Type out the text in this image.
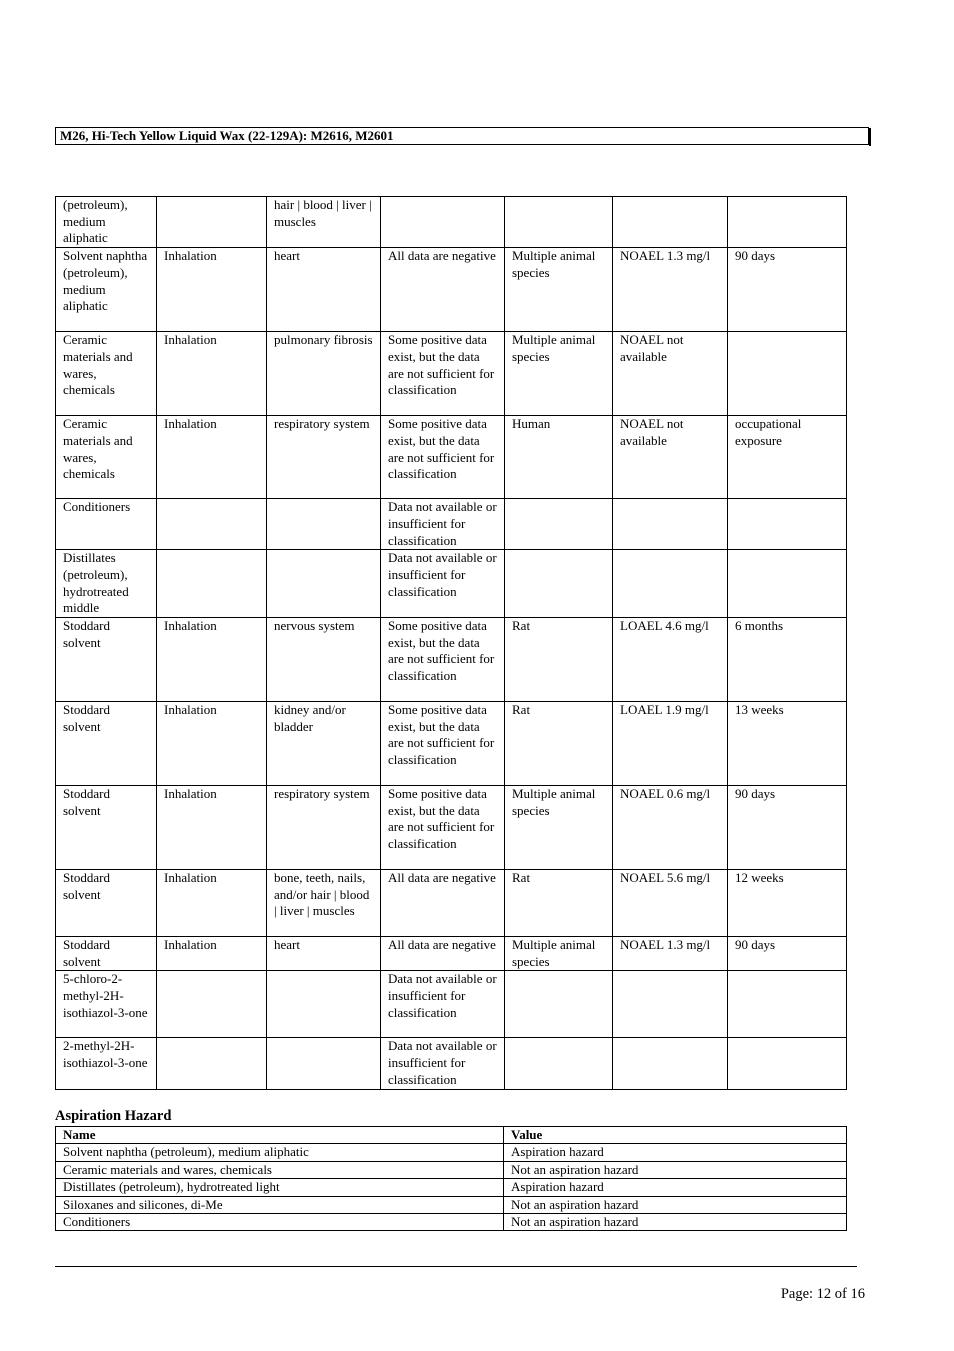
M26, Hi-Tech Yellow Liquid Wax (22-129A): M2616, M2601
(petroleum), medium aliphatic		hair | blood | liver | muscles				
Solvent naphtha (petroleum), medium aliphatic	Inhalation	heart	All data are negative	Multiple animal species	NOAEL 1.3 mg/l	90 days
Ceramic materials and wares, chemicals	Inhalation	pulmonary fibrosis	Some positive data exist, but the data are not sufficient for classification	Multiple animal species	NOAEL not available	
Ceramic materials and wares, chemicals	Inhalation	respiratory system	Some positive data exist, but the data are not sufficient for classification	Human	NOAEL not available	occupational exposure
Conditioners			Data not available or insufficient for classification			
Distillates (petroleum), hydrotreated middle			Data not available or insufficient for classification			
Stoddard solvent	Inhalation	nervous system	Some positive data exist, but the data are not sufficient for classification	Rat	LOAEL 4.6 mg/l	6 months
Stoddard solvent	Inhalation	kidney and/or bladder	Some positive data exist, but the data are not sufficient for classification	Rat	LOAEL 1.9 mg/l	13 weeks
Stoddard solvent	Inhalation	respiratory system	Some positive data exist, but the data are not sufficient for classification	Multiple animal species	NOAEL 0.6 mg/l	90 days
Stoddard solvent	Inhalation	bone, teeth, nails, and/or hair | blood | liver | muscles	All data are negative	Rat	NOAEL 5.6 mg/l	12 weeks
Stoddard solvent	Inhalation	heart	All data are negative	Multiple animal species	NOAEL 1.3 mg/l	90 days
5-chloro-2-methyl-2H-isothiazol-3-one			Data not available or insufficient for classification			
2-methyl-2H-isothiazol-3-one			Data not available or insufficient for classification			
Aspiration Hazard
Name	Value
Solvent naphtha (petroleum), medium aliphatic	Aspiration hazard
Ceramic materials and wares, chemicals	Not an aspiration hazard
Distillates (petroleum), hydrotreated light	Aspiration hazard
Siloxanes and silicones, di-Me	Not an aspiration hazard
Conditioners	Not an aspiration hazard
Page: 12 of 16
